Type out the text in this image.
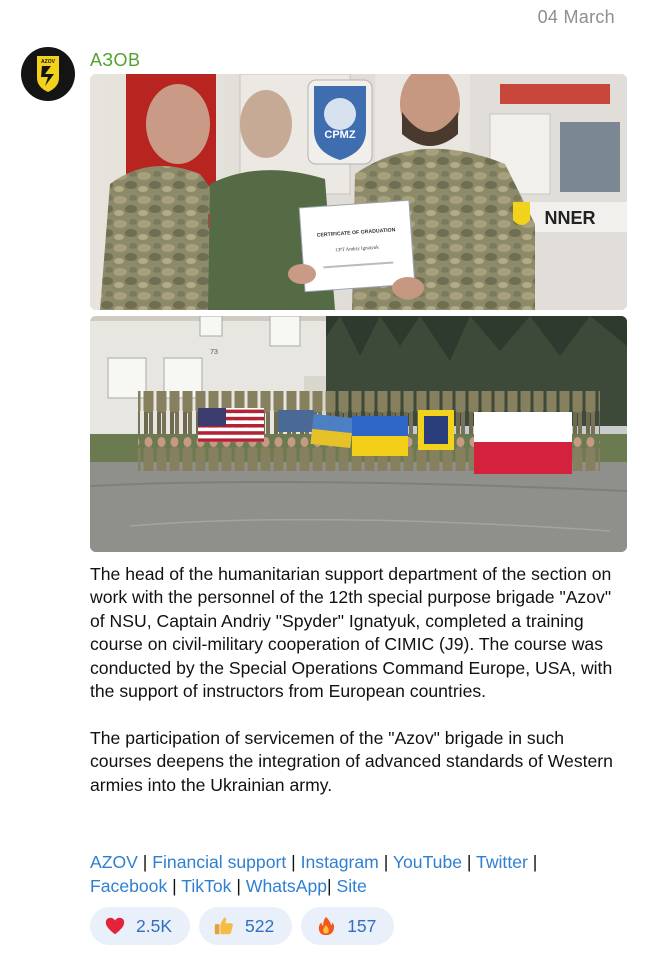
04 March
AZOV АЗОВ
CPMZ
NNER
CERTIFICATE OF GRADUATION
CPT Andriy Ignatyuk
73

The head of the humanitarian support department of the section on work with the personnel of the 12th special purpose brigade "Azov" of NSU, Captain Andriy "Spyder" Ignatyuk, completed a training course on civil-military cooperation of CIMIC (J9). The course was conducted by the Special Operations Command Europe, USA, with the support of instructors from European countries.

The participation of servicemen of the "Azov" brigade in such courses deepens the integration of advanced standards of Western armies into the Ukrainian army.

AZOV | Financial support | Instagram | YouTube | Twitter |
Facebook | TikTok | WhatsApp| Site
2.5K	522	157
